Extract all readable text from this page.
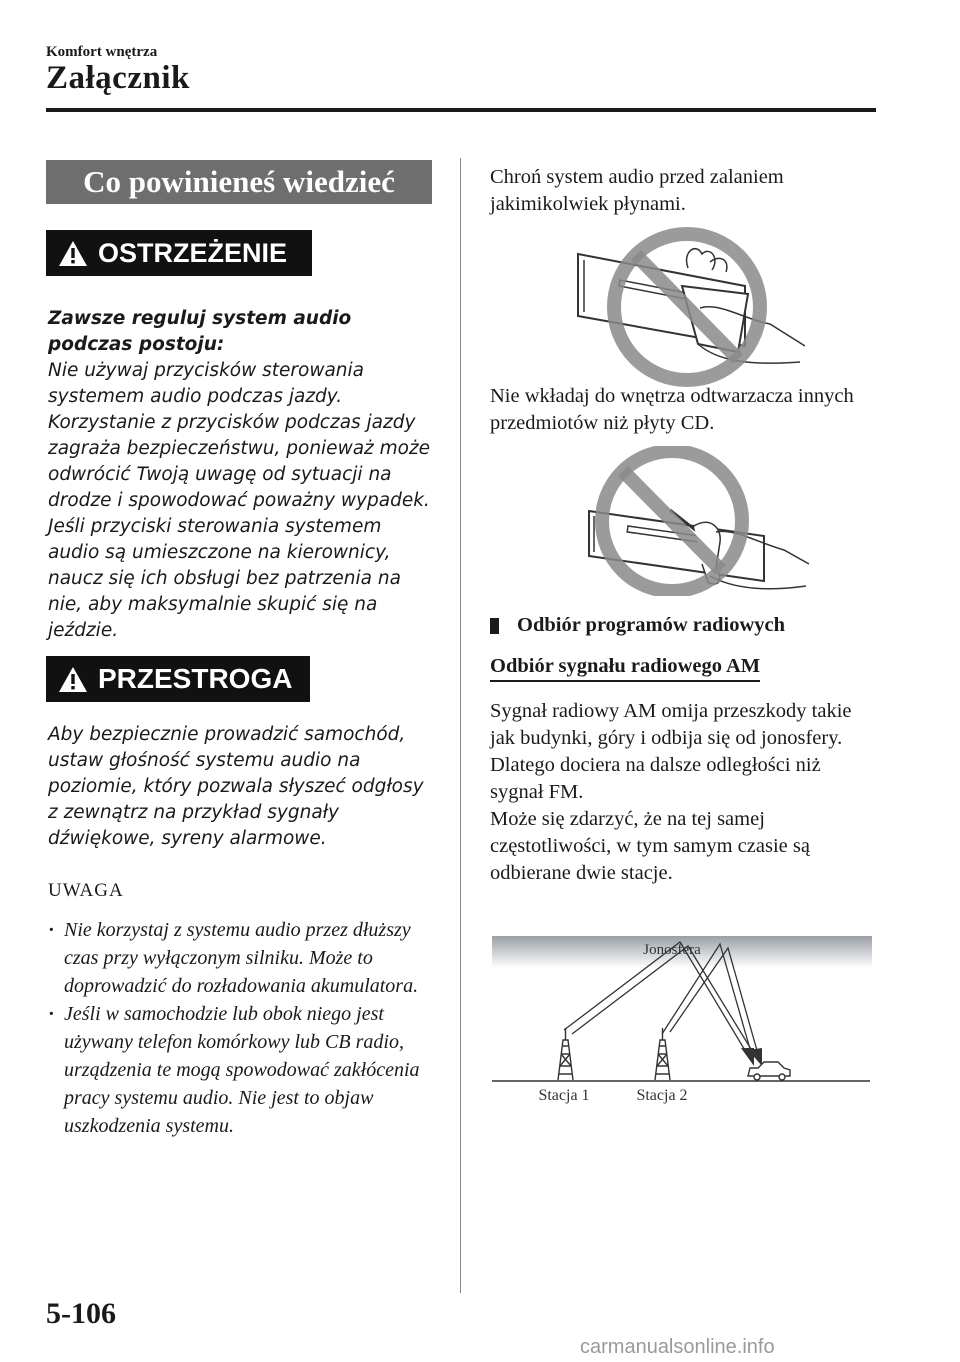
Komfort wnętrza
Załącznik
Co powinieneś wiedzieć
OSTRZEŻENIE
Zawsze reguluj system audio podczas postoju:
Nie używaj przycisków sterowania systemem audio podczas jazdy. Korzystanie z przycisków podczas jazdy zagraża bezpieczeństwu, ponieważ może odwrócić Twoją uwagę od sytuacji na drodze i spowodować poważny wypadek. Jeśli przyciski sterowania systemem audio są umieszczone na kierownicy, naucz się ich obsługi bez patrzenia na nie, aby maksymalnie skupić się na jeździe.
PRZESTROGA
Aby bezpiecznie prowadzić samochód, ustaw głośność systemu audio na poziomie, który pozwala słyszeć odgłosy z zewnątrz na przykład sygnały dźwiękowe, syreny alarmowe.
UWAGA
· Nie korzystaj z systemu audio przez dłuższy czas przy wyłączonym silniku. Może to doprowadzić do rozładowania akumulatora.
· Jeśli w samochodzie lub obok niego jest używany telefon komórkowy lub CB radio, urządzenia te mogą spowodować zakłócenia pracy systemu audio. Nie jest to objaw uszkodzenia systemu.
Chroń system audio przed zalaniem jakimikolwiek płynami.
Nie wkładaj do wnętrza odtwarzacza innych przedmiotów niż płyty CD.
Odbiór programów radiowych
Odbiór sygnału radiowego AM
Sygnał radiowy AM omija przeszkody takie jak budynki, góry i odbija się od jonosfery.
Dlatego dociera na dalsze odległości niż sygnał FM.
Może się zdarzyć, że na tej samej częstotliwości, w tym samym czasie są odbierane dwie stacje.
Jonosfera
Stacja 1	Stacja 2
5-106
carmanualsonline.info
